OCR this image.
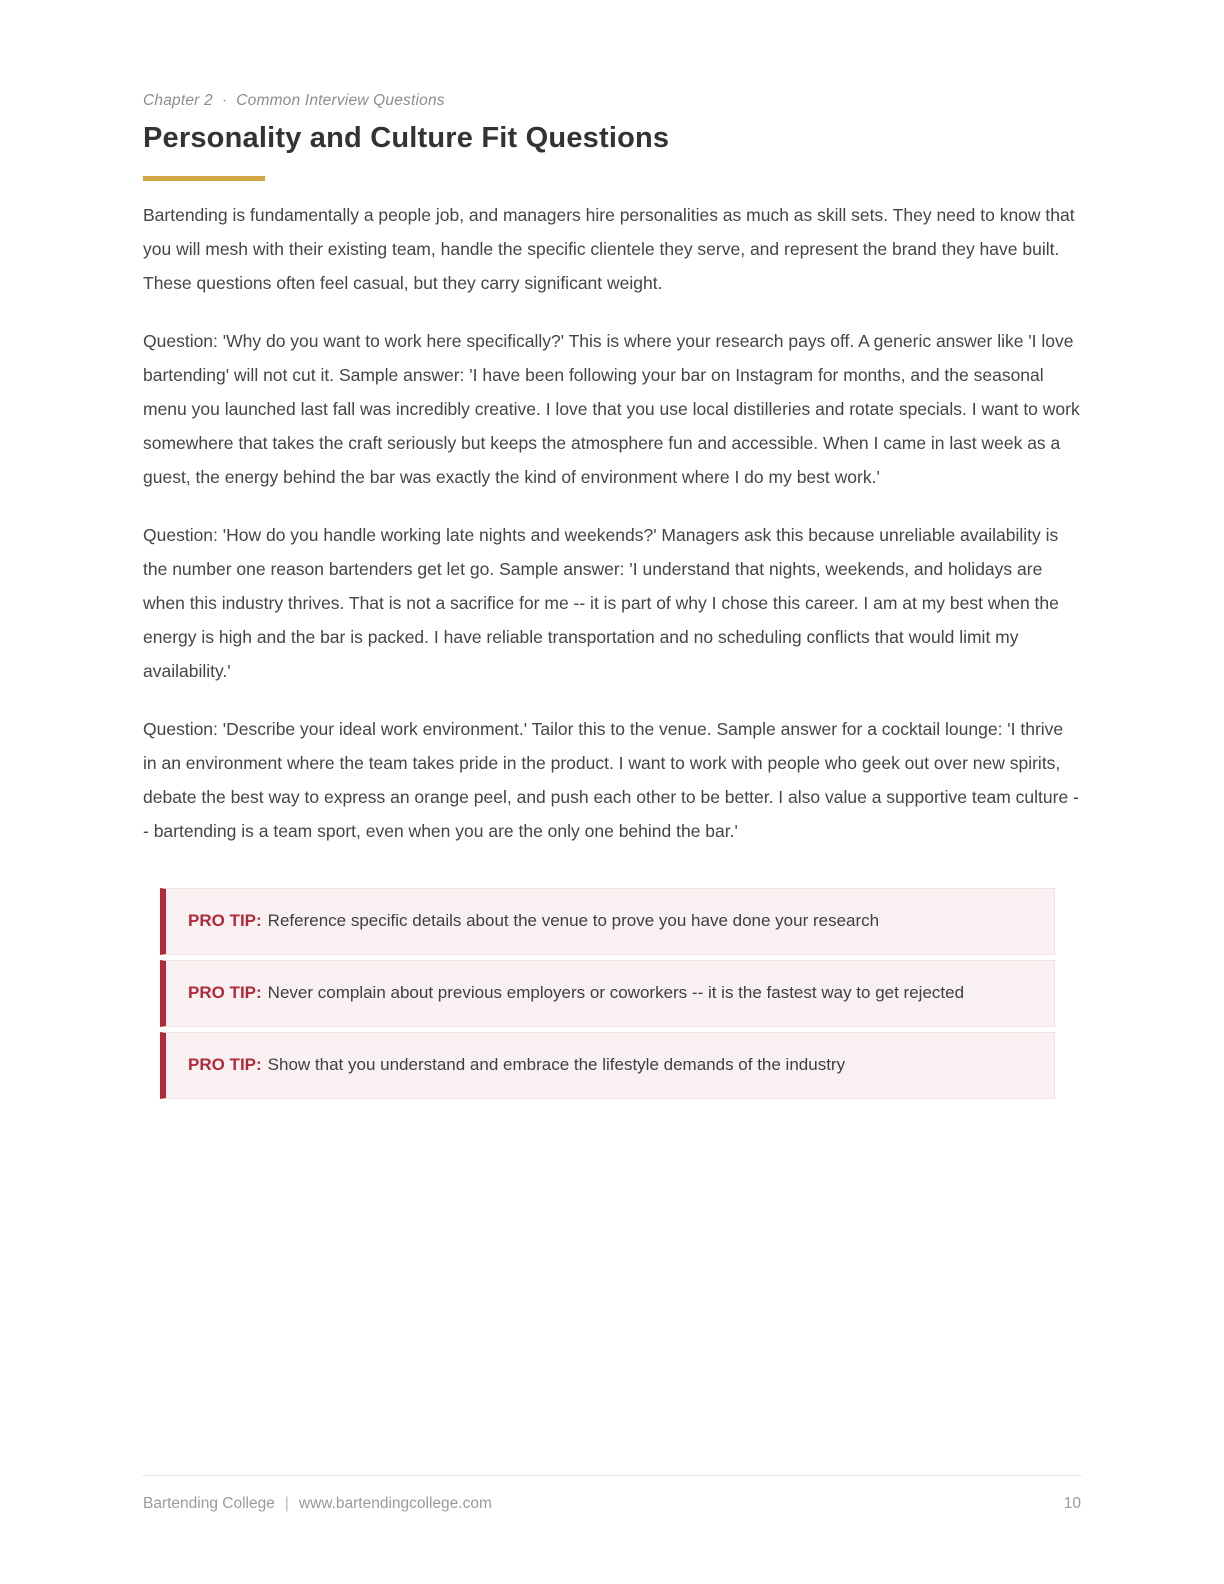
Chapter 2 · Common Interview Questions
Personality and Culture Fit Questions

Bartending is fundamentally a people job, and managers hire personalities as much as skill sets. They need to know that you will mesh with their existing team, handle the specific clientele they serve, and represent the brand they have built. These questions often feel casual, but they carry significant weight.

Question: 'Why do you want to work here specifically?' This is where your research pays off. A generic answer like 'I love bartending' will not cut it. Sample answer: 'I have been following your bar on Instagram for months, and the seasonal menu you launched last fall was incredibly creative. I love that you use local distilleries and rotate specials. I want to work somewhere that takes the craft seriously but keeps the atmosphere fun and accessible. When I came in last week as a guest, the energy behind the bar was exactly the kind of environment where I do my best work.'

Question: 'How do you handle working late nights and weekends?' Managers ask this because unreliable availability is the number one reason bartenders get let go. Sample answer: 'I understand that nights, weekends, and holidays are when this industry thrives. That is not a sacrifice for me -- it is part of why I chose this career. I am at my best when the energy is high and the bar is packed. I have reliable transportation and no scheduling conflicts that would limit my availability.'

Question: 'Describe your ideal work environment.' Tailor this to the venue. Sample answer for a cocktail lounge: 'I thrive in an environment where the team takes pride in the product. I want to work with people who geek out over new spirits, debate the best way to express an orange peel, and push each other to be better. I also value a supportive team culture -- bartending is a team sport, even when you are the only one behind the bar.'

PRO TIP: Reference specific details about the venue to prove you have done your research
PRO TIP: Never complain about previous employers or coworkers -- it is the fastest way to get rejected
PRO TIP: Show that you understand and embrace the lifestyle demands of the industry
Bartending College | www.bartendingcollege.com	10
